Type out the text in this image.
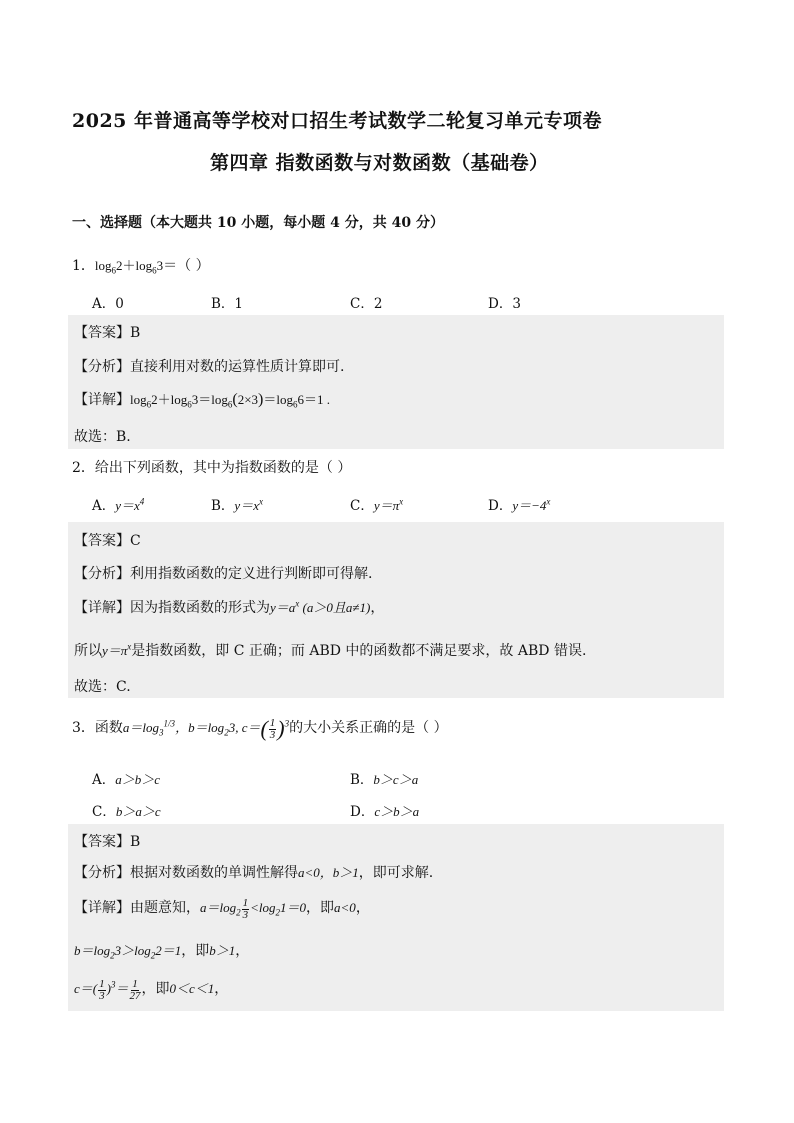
2025 年普通高等学校对口招生考试数学二轮复习单元专项卷
第四章 指数函数与对数函数（基础卷）
一、选择题（本大题共 10 小题，每小题 4 分，共 40 分）
1．$\log_62+\log_63=$（ ）
A．0	B．1	C．2	D．3
【答案】B
【分析】直接利用对数的运算性质计算即可.
【详解】$\log_62+\log_63=\log_6(2\times 3)=\log_66=1$ .
故选：B.
2．给出下列函数，其中为指数函数的是（ ）
A．$y=x^4$	B．$y=x^x$	C．$y=\pi^x$	D．$y=-4^x$
【答案】C
【分析】利用指数函数的定义进行判断即可得解.
【详解】因为指数函数的形式为$y=a^x$ (a＞0且a≠1)，
所以$y=\pi^x$是指数函数，即 C 正确；而 ABD 中的函数都不满足要求，故 ABD 错误.
故选：C.
3．函数$a=\log_3^{1/3}$，$b=\log_23$, $c=( \frac{1}{3} )^3$的大小关系正确的是（ ）
A．a＞b＞c	B．b＞c＞a
C．b＞a＞c	D．c＞b＞a
【答案】B
【分析】根据对数函数的单调性解得a<0，b＞1，即可求解.
【详解】由题意知，$a=\log_2 \frac{1}{3} <\log_21=0$，即a<0，
$b=\log_23>\log_22=1$，即b＞1，
$c=( \frac{1}{3} )^3= \frac{1}{27}$ ，即0＜c＜1，
